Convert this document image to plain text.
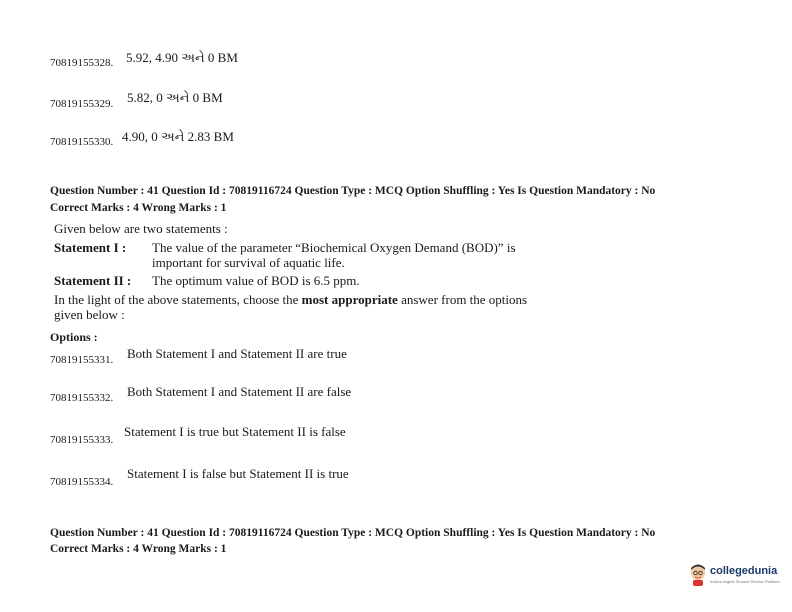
70819155328. 5.92, 4.90 અને 0 BM
70819155329. 5.82, 0 અને 0 BM
70819155330. 4.90, 0 અને 2.83 BM
Question Number : 41 Question Id : 70819116724 Question Type : MCQ Option Shuffling : Yes Is Question Mandatory : No
Correct Marks : 4 Wrong Marks : 1
Given below are two statements :
Statement I : The value of the parameter “Biochemical Oxygen Demand (BOD)” is
important for survival of aquatic life.
Statement II : The optimum value of BOD is 6.5 ppm.
In the light of the above statements, choose the most appropriate answer from the options
given below :
Options :
70819155331. Both Statement I and Statement II are true
70819155332. Both Statement I and Statement II are false
70819155333.
Statement I is true but Statement II is false
70819155334.
Statement I is false but Statement II is true
Question Number : 41 Question Id : 70819116724 Question Type : MCQ Option Shuffling : Yes Is Question Mandatory : No
Correct Marks : 4 Wrong Marks : 1
collegedunia
India's largest Student Review Platform
